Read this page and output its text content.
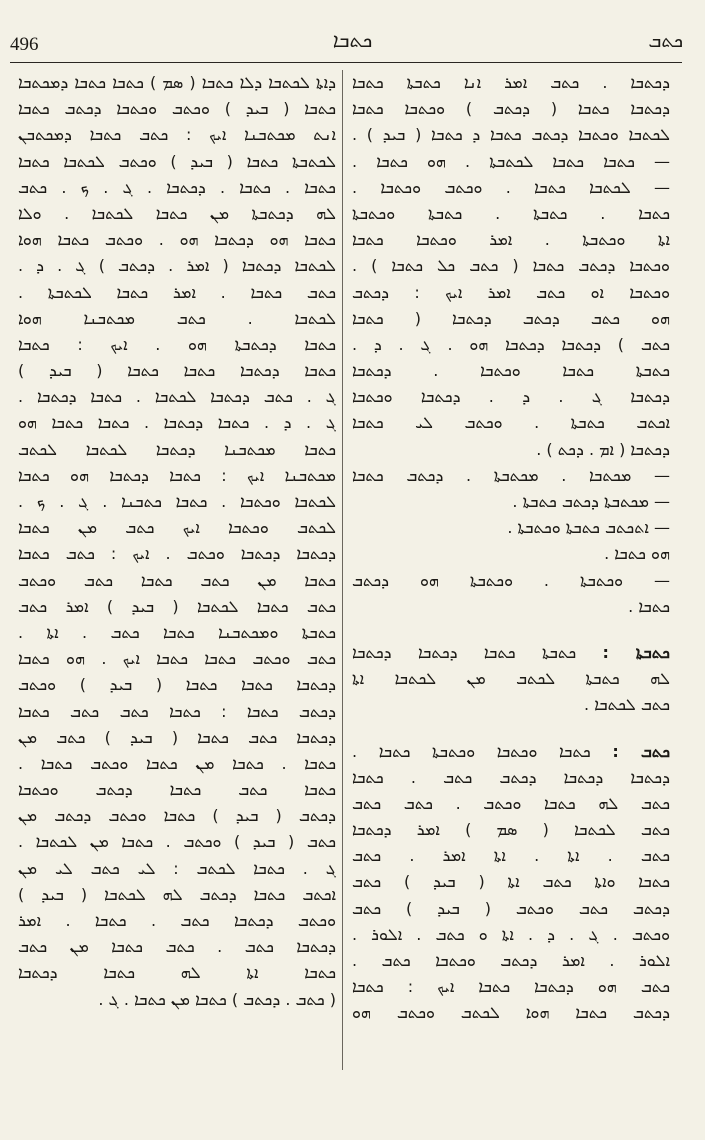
496	ܟܬܒܐ	ܟܬܒ
ܕܐܬܐ ܠܟܬܒܐ ܕܠܐ ܟܬܒܐ ( ܣܡ ) ܟܬܒܐ ܟܬܒܐ ܕܡܟܬܒܐ
ܟܬܒܐ ( ܒܝܕ ) ܘܟܬܒ ܘܟܬܒܐ ܕܟܬܒ ܟܬܒܐ
ܐܢܬ ܡܟܬܒܢܐ ܐܝܟ : ܟܬܒ ܟܬܒܐ ܕܡܟܬܒܢ
ܠܟܬܒܬܐ ܟܬܒܐ ( ܒܝܕ ) ܘܟܬܒ ܠܟܬܒܐ ܟܬܒܐ
ܟܬܒܐ . ܟܬܒܐ . ܕܟܬܒܐ . ܓ . ܟ . ܟܬܒ
ܠܗ ܕܟܬܒܬܐ ܡܢ ܟܬܒܐ ܠܟܬܒܐ . ܘܠܐ
ܟܬܒܐ ܗܘ ܕܟܬܒܐ ܗܘ . ܘܟܬܒ ܟܬܒܐ ܗܘܐ
ܠܟܬܒܐ ܕܟܬܒܐ ( ܐܡܪ . ܕܟܬܒ ) ܓ . ܕ .
ܟܬܒ ܟܬܒܐ . ܐܡܪ ܟܬܒܐ ܠܟܬܒܬܐ .
ܠܟܬܒܐ . ܟܬܒ ܡܟܬܒܢܐ ܗܘܐ
ܟܬܒܐ ܕܟܬܒܬܐ ܗܘ . ܐܝܟ : ܟܬܒܐ
ܟܬܒܐ ܕܟܬܒܐ ܟܬܒܐ ܟܬܒܐ ( ܒܝܕ )
ܓ . ܟܬܒ ܕܟܬܒܐ ܠܟܬܒܐ . ܟܬܒܐ ܕܟܬܒܐ .
ܓ . ܕ . ܟܬܒܐ ܕܟܬܒܐ . ܟܬܒܐ ܟܬܒܐ ܗܘ
ܟܬܒܐ ܡܟܬܒܢܐ ܕܟܬܒܐ ܠܟܬܒܐ ܠܟܬܒ
ܡܟܬܒܢܐ ܐܝܟ : ܟܬܒܐ ܕܟܬܒܐ ܗܘ ܟܬܒܐ
ܠܟܬܒܐ ܘܟܬܒܐ . ܟܬܒܐ ܟܬܒܢܐ . ܓ . ܟ .
ܠܟܬܒ ܘܟܬܒܐ ܐܝܟ ܟܬܒ ܡܢ ܟܬܒܐ
ܕܟܬܒܐ ܕܟܬܒܐ ܘܟܬܒ . ܐܝܟ : ܟܬܒ ܟܬܒܐ
ܟܬܒܐ ܡܢ ܟܬܒ ܟܬܒܐ ܟܬܒ ܘܟܬܒ
ܟܬܒ ܟܬܒܐ ܠܟܬܒܐ ( ܒܝܕ ) ܐܡܪ ܟܬܒ
ܟܬܒܬܐ ܘܡܟܬܒܢܐ ܟܬܒܐ ܟܬܒ . ܐܬܐ .
ܟܬܒ ܘܟܬܒ ܟܬܒܐ ܟܬܒܐ ܐܝܟ . ܗܘ ܟܬܒܐ
ܕܟܬܒܐ ܟܬܒܐ ܟܬܒܐ ( ܒܝܕ ) ܘܟܬܒ
ܕܟܬܒ ܟܬܒܐ : ܟܬܒܐ ܟܬܒ ܟܬܒ ܟܬܒܐ
ܕܟܬܒܐ ܟܬܒ ܟܬܒܐ ( ܒܝܕ ) ܟܬܒ ܡܢ
ܟܬܒܐ . ܟܬܒܐ ܡܢ ܟܬܒܐ ܘܟܬܒ ܟܬܒܐ .
ܟܬܒܐ ܟܬܒ ܟܬܒܐ ܕܟܬܒ ܘܟܬܒܐ
ܕܟܬܒ ( ܒܝܕ ) ܟܬܒܐ ܘܟܬܒ ܕܟܬܒ ܡܢ
ܟܬܒ ( ܒܝܕ ) ܘܟܬܒ . ܟܬܒܐ ܡܢ ܠܟܬܒܐ .
ܓ . ܟܬܒܐ ܠܟܬܒ : ܠܝ ܟܬܒ ܠܝ ܡܢ
ܐܟܬܒ ܟܬܒܐ ܕܟܬܒ ܠܗ ܠܟܬܒܐ ( ܒܝܕ )
ܘܟܬܒ ܕܟܬܒܐ ܟܬܒ . ܟܬܒܐ . ܐܡܪ
ܕܟܬܒܐ ܟܬܒ . ܟܬܒ ܟܬܒܐ ܡܢ ܟܬܒ
ܟܬܒܐ ܐܬܐ ܠܗ ܟܬܒܐ ܕܟܬܒܐ
( ܟܬܒ . ܕܟܬܒ ) ܟܬܒܐ ܡܢ ܟܬܒܐ . ܓ .
ܕܟܬܒܐ . ܟܬܒ ܐܡܪ ܐܢܐ ܟܬܒܬܐ ܟܬܒܐ
ܕܟܬܒܐ ܟܬܒܐ ( ܕܟܬܒ ) ܘܟܬܒܐ ܟܬܒܐ
ܠܟܬܒܐ ܘܟܬܒܐ ܕܟܬܒ ܟܬܒܐ ܕ ܟܬܒܐ ( ܒܝܕ ) .
— ܟܬܒܐ ܟܬܒܐ ܠܟܬܒܬܐ . ܗܘ ܟܬܒܐ .
— ܠܟܬܒܐ ܟܬܒܐ . ܘܟܬܒ ܘܟܬܒܐ .
ܟܬܒܐ . ܟܬܒܬܐ . ܟܬܒܬܐ ܘܟܬܒܬܐ
ܐܬܐ ܘܟܬܒܬܐ . ܐܡܪ ܘܟܬܒܐ ܟܬܒܐ
ܘܟܬܒܐ ܕܟܬܒ ܟܬܒܐ ( ܟܬܒ ܟܠ ܟܬܒܐ ) .
ܘܟܬܒܐ ܐܘ ܟܬܒ ܐܡܪ ܐܝܟ : ܕܟܬܒ
ܗܘ ܟܬܒ ܕܟܬܒ ܕܟܬܒܐ ( ܟܬܒܐ
ܟܬܒ ) ܕܟܬܒܐ ܕܟܬܒܐ ܗܘ . ܓ . ܕ .
ܟܬܒܬܐ ܟܬܒܐ ܘܟܬܒܐ . ܕܟܬܒܐ
ܕܟܬܒܐ ܓ . ܕ . ܕܟܬܒܐ ܘܟܬܒܐ
ܐܟܬܒ ܟܬܒܬܐ . ܘܟܬܒ ܠܝ ܟܬܒܐ
ܕܟܬܒܐ ( ܐܡ . ܕܟܬ ) .
— ܡܟܬܒܐ . ܡܟܬܒܬܐ . ܕܟܬܒ ܟܬܒܐ
— ܡܟܬܒܬܐ ܕܟܬܒ ܟܬܒܬܐ .
— ܐܬܟܬܒ ܟܬܒܬܐ ܘܟܬܒܬܐ .
ܗܘ ܟܬܒܐ .
— ܘܟܬܒܬܐ . ܘܟܬܒܬܐ ܗܘ ܕܟܬܒ
ܟܬܒܐ .
ܟܬܒܬܐ : ܟܬܒܬܐ ܟܬܒܐ ܕܟܬܒܐ ܕܟܬܒܐ
ܠܗ ܟܬܒܬܐ ܠܟܬܒ ܡܢ ܠܟܬܒܐ ܐܬܐ
ܟܬܒ ܠܟܬܒܐ .
ܟܬܒ : ܟܬܒܐ ܘܟܬܒܐ ܘܟܬܒܬܐ ܟܬܒܐ .
ܕܟܬܒܐ ܕܟܬܒܐ ܕܟܬܒ ܟܬܒ . ܟܬܒܐ
ܟܬܒ ܠܗ ܟܬܒܐ ܘܟܬܒ . ܟܬܒ ܟܬܒ
ܟܬܒ ܠܟܬܒܐ ( ܣܡ ) ܐܡܪ ܕܟܬܒܐ
ܟܬܒ . ܐܬܐ . ܐܬܐ ܐܡܪ . ܟܬܒ
ܟܬܒܐ ܘܐܬܐ ܟܬܒ ܐܬܐ ( ܒܝܕ ) ܟܬܒ
ܕܟܬܒ ܟܬܒ ܘܟܬܒ ( ܒܝܕ ) ܟܬܒ
ܘܟܬܒ . ܓ . ܕ . ܐܬܐ ܘ ܟܬܒ . ܐܠܘܪ .
ܐܠܘܪ . ܐܡܪ ܕܟܬܒ ܘܟܬܒܐ ܟܬܒ .
ܟܬܒ ܗܘ ܕܟܬܒܐ ܟܬܒܐ ܐܝܟ : ܟܬܒܐ
ܕܟܬܒ ܟܬܒܐ ܗܘܐ ܠܟܬܒ ܘܟܬܒ ܗܘ
